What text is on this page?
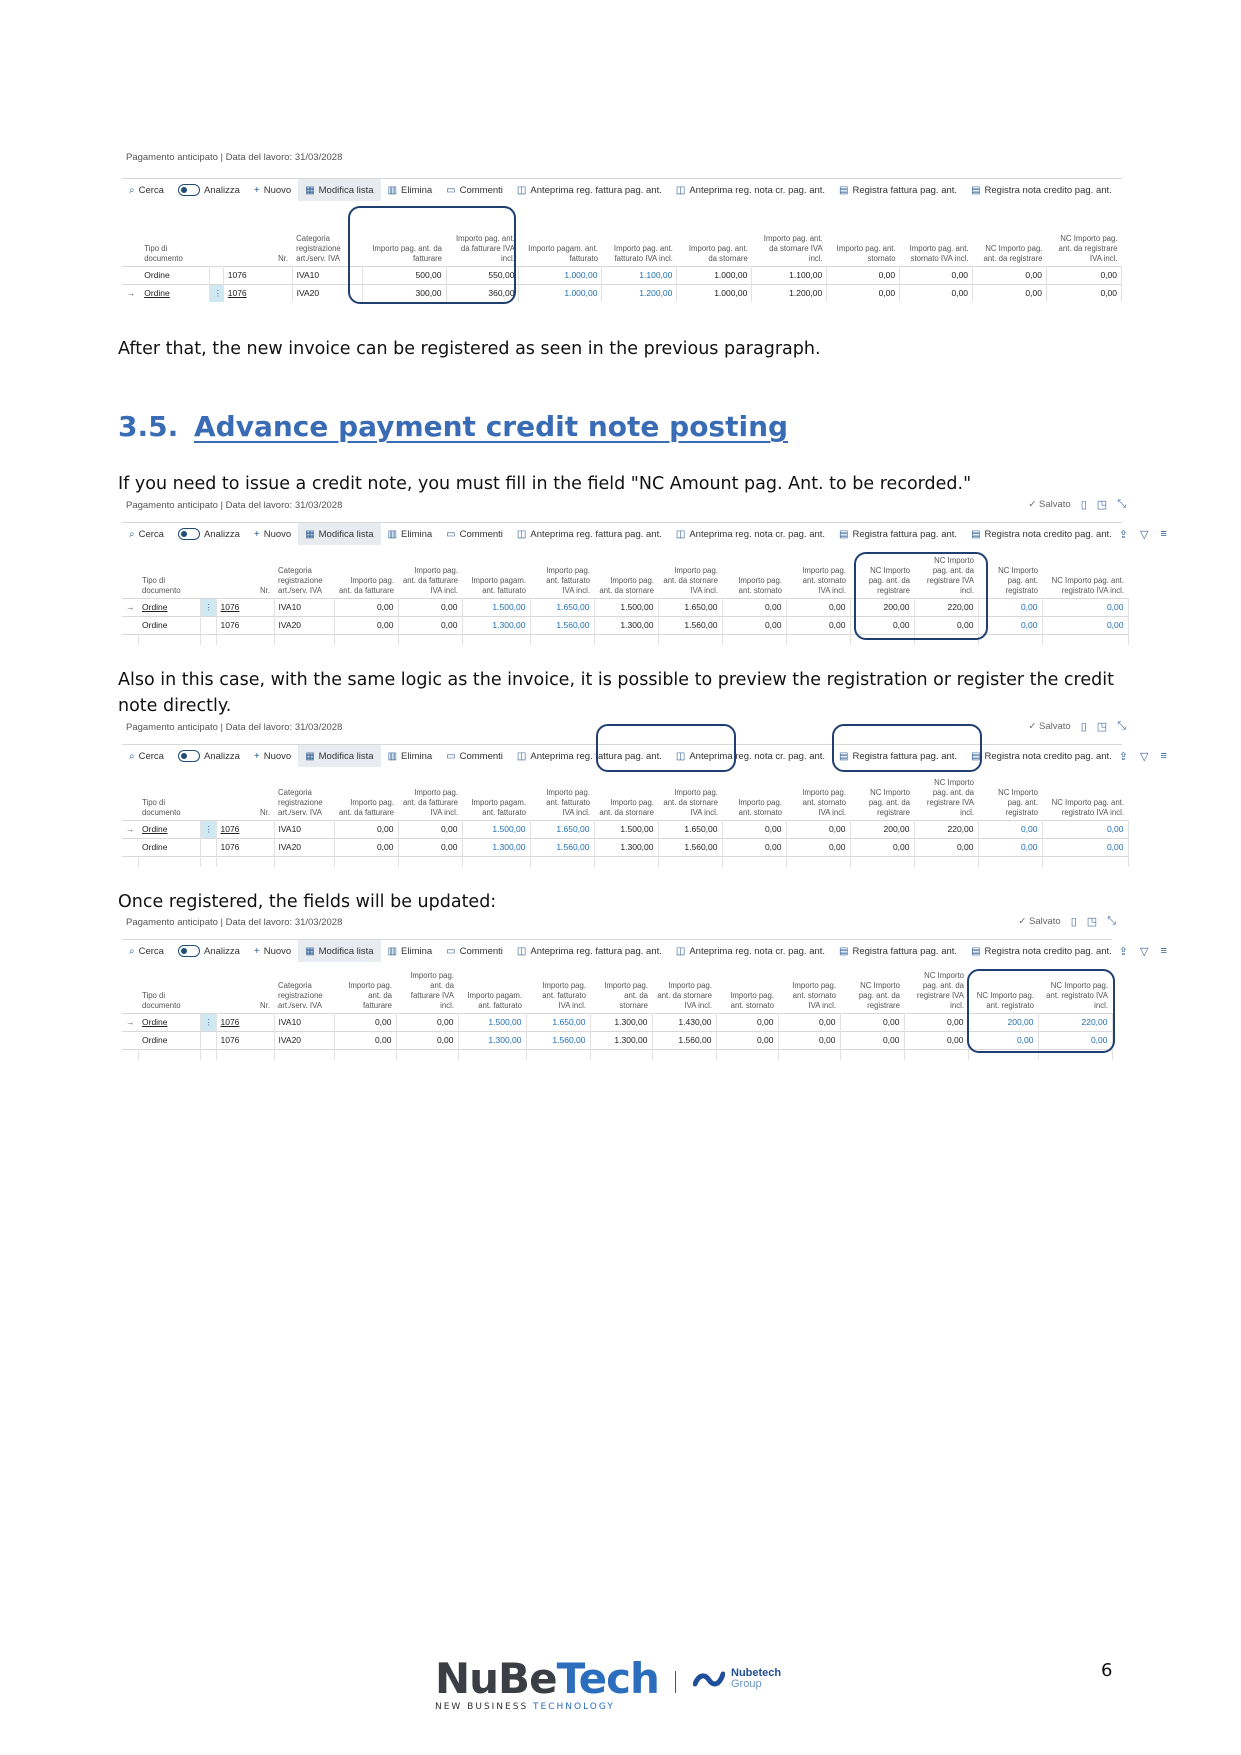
Pagamento anticipato | Data del lavoro: 31/03/2028
⌕ Cerca	Analizza + Nuovo ▦ Modifica lista ▥ Elimina ▭ Commenti ◫ Anteprima reg. fattura pag. ant. ◫ Anteprima reg. nota cr. pag. ant. ▤ Registra fattura pag. ant. ▤ Registra nota credito pag. ant.
	Tipo di documento		Nr.	Categoria registrazione art./serv. IVA	Importo pag. ant. da fatturare	Importo pag. ant. da fatturare IVA incl.	Importo pagam. ant. fatturato	Importo pag. ant. fatturato IVA incl.	Importo pag. ant. da stornare	Importo pag. ant. da stornare IVA incl.	Importo pag. ant. stornato	Importo pag. ant. stornato IVA incl.	NC Importo pag. ant. da registrare	NC Importo pag. ant. da registrare IVA incl.
	Ordine		1076	IVA10	500,00	550,00	1.000,00	1.100,00	1.000,00	1.100,00	0,00	0,00	0,00	0,00
→	Ordine	⋮	1076	IVA20	300,00	360,00	1.000,00	1.200,00	1.000,00	1.200,00	0,00	0,00	0,00	0,00
After that, the new invoice can be registered as seen in the previous paragraph.
3.5. Advance payment credit note posting
If you need to issue a credit note, you must fill in the field "NC Amount pag. Ant. to be recorded."
Pagamento anticipato | Data del lavoro: 31/03/2028	✓ Salvato ▯ ◳ ⤡
⌕ Cerca	Analizza + Nuovo ▦ Modifica lista ▥ Elimina ▭ Commenti ◫ Anteprima reg. fattura pag. ant. ◫ Anteprima reg. nota cr. pag. ant. ▤ Registra fattura pag. ant. ▤ Registra nota credito pag. ant. ⇪ ▽ ≡
	Tipo di documento		Nr.	Categoria registrazione art./serv. IVA	Importo pag. ant. da fatturare	Importo pag. ant. da fatturare IVA incl.	Importo pagam. ant. fatturato	Importo pag. ant. fatturato IVA incl.	Importo pag. ant. da stornare	Importo pag. ant. da stornare IVA incl.	Importo pag. ant. stornato	Importo pag. ant. stornato IVA incl.	NC Importo pag. ant. da registrare	NC Importo pag. ant. da registrare IVA incl.	NC Importo pag. ant. registrato	NC Importo pag. ant. registrato IVA incl.
→	Ordine	⋮	1076	IVA10	0,00	0,00	1.500,00	1.650,00	1.500,00	1.650,00	0,00	0,00	200,00	220,00	0,00	0,00
	Ordine		1076	IVA20	0,00	0,00	1.300,00	1.560,00	1.300,00	1.560,00	0,00	0,00	0,00	0,00	0,00	0,00

Also in this case, with the same logic as the invoice, it is possible to preview the registration or register the credit note directly.
Pagamento anticipato | Data del lavoro: 31/03/2028	✓ Salvato ▯ ◳ ⤡
⌕ Cerca	Analizza + Nuovo ▦ Modifica lista ▥ Elimina ▭ Commenti ◫ Anteprima reg. fattura pag. ant. ◫ Anteprima reg. nota cr. pag. ant. ▤ Registra fattura pag. ant. ▤ Registra nota credito pag. ant. ⇪ ▽ ≡
	Tipo di documento		Nr.	Categoria registrazione art./serv. IVA	Importo pag. ant. da fatturare	Importo pag. ant. da fatturare IVA incl.	Importo pagam. ant. fatturato	Importo pag. ant. fatturato IVA incl.	Importo pag. ant. da stornare	Importo pag. ant. da stornare IVA incl.	Importo pag. ant. stornato	Importo pag. ant. stornato IVA incl.	NC Importo pag. ant. da registrare	NC Importo pag. ant. da registrare IVA incl.	NC Importo pag. ant. registrato	NC Importo pag. ant. registrato IVA incl.
→	Ordine	⋮	1076	IVA10	0,00	0,00	1.500,00	1.650,00	1.500,00	1.650,00	0,00	0,00	200,00	220,00	0,00	0,00
	Ordine		1076	IVA20	0,00	0,00	1.300,00	1.560,00	1.300,00	1.560,00	0,00	0,00	0,00	0,00	0,00	0,00

Once registered, the fields will be updated:
Pagamento anticipato | Data del lavoro: 31/03/2028	✓ Salvato ▯ ◳ ⤡
⌕ Cerca	Analizza + Nuovo ▦ Modifica lista ▥ Elimina ▭ Commenti ◫ Anteprima reg. fattura pag. ant. ◫ Anteprima reg. nota cr. pag. ant. ▤ Registra fattura pag. ant. ▤ Registra nota credito pag. ant. ⇪ ▽ ≡
	Tipo di documento		Nr.	Categoria registrazione art./serv. IVA	Importo pag. ant. da fatturare	Importo pag. ant. da fatturare IVA incl.	Importo pagam. ant. fatturato	Importo pag. ant. fatturato IVA incl.	Importo pag. ant. da stornare	Importo pag. ant. da stornare IVA incl.	Importo pag. ant. stornato	Importo pag. ant. stornato IVA incl.	NC Importo pag. ant. da registrare	NC Importo pag. ant. da registrare IVA incl.	NC Importo pag. ant. registrato	NC Importo pag. ant. registrato IVA incl.
→	Ordine	⋮	1076	IVA10	0,00	0,00	1.500,00	1.650,00	1.300,00	1.430,00	0,00	0,00	0,00	0,00	200,00	220,00
	Ordine		1076	IVA20	0,00	0,00	1.300,00	1.560,00	1.300,00	1.560,00	0,00	0,00	0,00	0,00	0,00	0,00

NuBeTech
NEW BUSINESS TECHNOLOGY
Nubetech
Group
6
